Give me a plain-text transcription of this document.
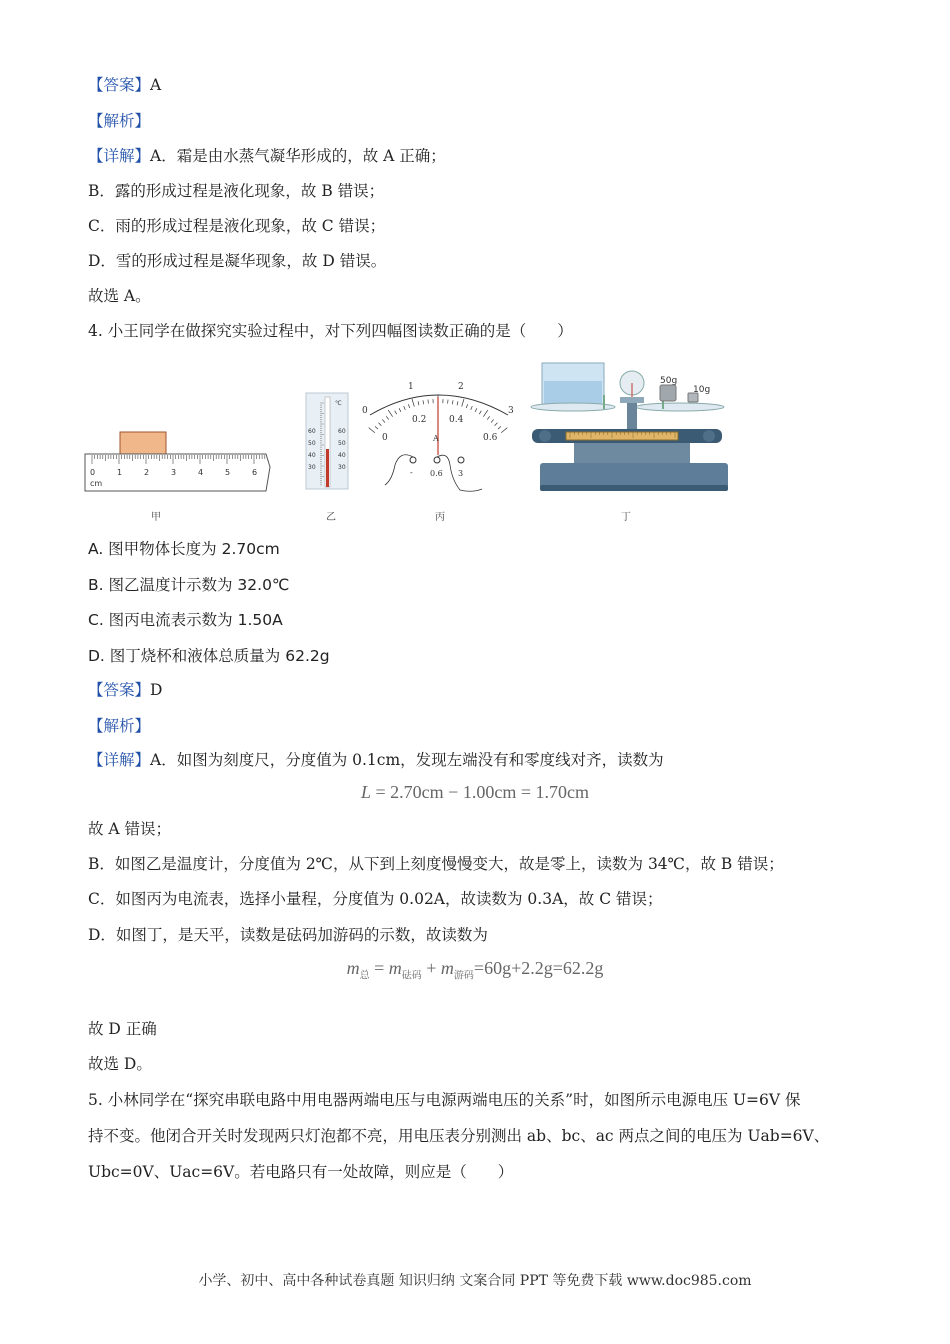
【答案】A
【解析】
【详解】A．霜是由水蒸气凝华形成的，故 A 正确；
B．露的形成过程是液化现象，故 B 错误；
C．雨的形成过程是液化现象，故 C 错误；
D．雪的形成过程是凝华现象，故 D 错误。
故选 A。
4. 小王同学在做探究实验过程中，对下列四幅图读数正确的是（　　）
0	1	2	3	4	5	6
cm
℃
60
50
40
30
60
50
40
30
0
1	2
3
0
0.2	0.4
0.6
A
- 0.6 3
50g
10g
甲	乙	丙	丁
A. 图甲物体长度为 2.70cm
B. 图乙温度计示数为 32.0℃
C. 图丙电流表示数为 1.50A
D. 图丁烧杯和液体总质量为 62.2g
【答案】D
【解析】
【详解】A．如图为刻度尺，分度值为 0.1cm，发现左端没有和零度线对齐，读数为
L = 2.70cm − 1.00cm = 1.70cm
故 A 错误；
B．如图乙是温度计，分度值为 2℃，从下到上刻度慢慢变大，故是零上，读数为 34℃，故 B 错误；
C．如图丙为电流表，选择小量程，分度值为 0.02A，故读数为 0.3A，故 C 错误；
D．如图丁，是天平，读数是砝码加游码的示数，故读数为
$m_总 = m_{砝码} + m_{游码}=60g+2.2g=62.2g$
故 D 正确
故选 D。
5. 小林同学在“探究串联电路中用电器两端电压与电源两端电压的关系”时，如图所示电源电压 U=6V 保
持不变。他闭合开关时发现两只灯泡都不亮，用电压表分别测出 ab、bc、ac 两点之间的电压为 Uab=6V、
Ubc=0V、Uac=6V。若电路只有一处故障，则应是（　　）
小学、初中、高中各种试卷真题 知识归纳 文案合同 PPT 等免费下载 www.doc985.com
